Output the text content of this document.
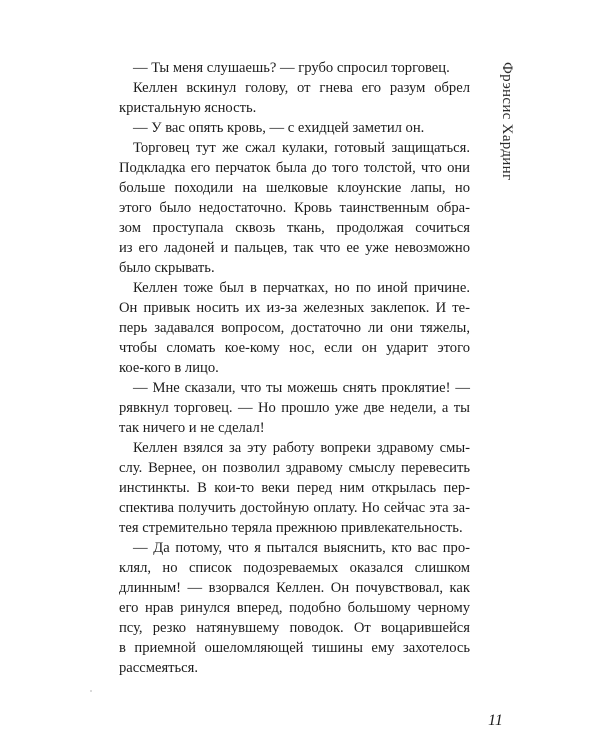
Фрэнсис Хардинг
— Ты меня слушаешь? — грубо спросил торговец.
Келлен вскинул голову, от гнева его разум обрел
кристальную ясность.
— У вас опять кровь, — с ехидцей заметил он.
Торговец тут же сжал кулаки, готовый защищаться.
Подкладка его перчаток была до того толстой, что они
больше походили на шелковые клоунские лапы, но
этого было недостаточно. Кровь таинственным обра-
зом проступала сквозь ткань, продолжая сочиться
из его ладоней и пальцев, так что ее уже невозможно
было скрывать.
Келлен тоже был в перчатках, но по иной причине.
Он привык носить их из-за железных заклепок. И те-
перь задавался вопросом, достаточно ли они тяжелы,
чтобы сломать кое-кому нос, если он ударит этого
кое-кого в лицо.
— Мне сказали, что ты можешь снять проклятие! —
рявкнул торговец. — Но прошло уже две недели, а ты
так ничего и не сделал!
Келлен взялся за эту работу вопреки здравому смы-
слу. Вернее, он позволил здравому смыслу перевесить
инстинкты. В кои-то веки перед ним открылась пер-
спектива получить достойную оплату. Но сейчас эта за-
тея стремительно теряла прежнюю привлекательность.
— Да потому, что я пытался выяснить, кто вас про-
клял, но список подозреваемых оказался слишком
длинным! — взорвался Келлен. Он почувствовал, как
его нрав ринулся вперед, подобно большому черному
псу, резко натянувшему поводок. От воцарившейся
в приемной ошеломляющей тишины ему захотелось
рассмеяться.
11
